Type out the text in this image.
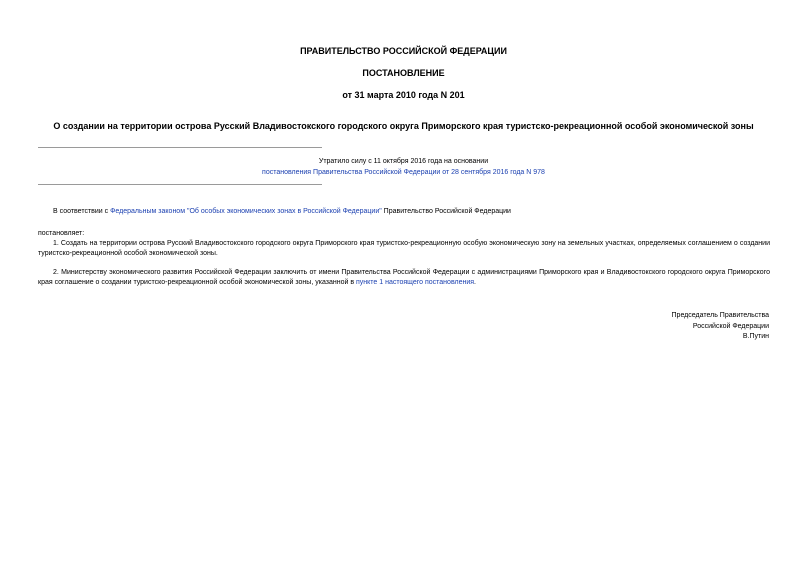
ПРАВИТЕЛЬСТВО РОССИЙСКОЙ ФЕДЕРАЦИИ
ПОСТАНОВЛЕНИЕ
от 31 марта 2010 года N 201
О создании на территории острова Русский Владивостокского городского округа Приморского края туристско-рекреационной особой экономической зоны
Утратило силу с 11 октября 2016 года на основании
постановления Правительства Российской Федерации от 28 сентября 2016 года N 978
В соответствии с Федеральным законом "Об особых экономических зонах в Российской Федерации" Правительство Российской Федерации
постановляет:
1. Создать на территории острова Русский Владивостокского городского округа Приморского края туристско-рекреационную особую экономическую зону на земельных участках, определяемых соглашением о создании туристско-рекреационной особой экономической зоны.
2. Министерству экономического развития Российской Федерации заключить от имени Правительства Российской Федерации с администрациями Приморского края и Владивостокского городского округа Приморского края соглашение о создании туристско-рекреационной особой экономической зоны, указанной в пункте 1 настоящего постановления.
Председатель Правительства
Российской Федерации
В.Путин
